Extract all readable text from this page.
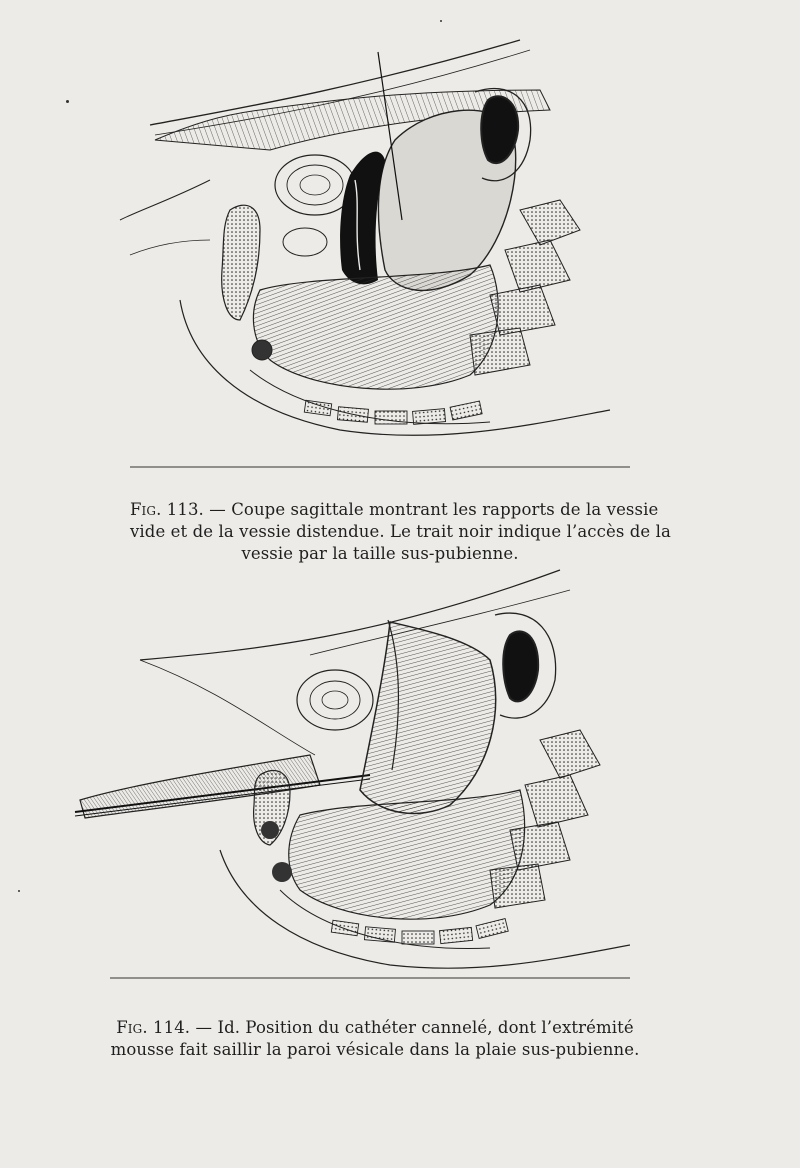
Fig. 113. — Coupe sagittale montrant les rapports de la vessie
vide et de la vessie distendue. Le trait noir indique l’accès de la
vessie par la taille sus-pubienne.

Fig. 114. — Id. Position du cathéter cannelé, dont l’extrémité
mousse fait saillir la paroi vésicale dans la plaie sus-pubienne.
